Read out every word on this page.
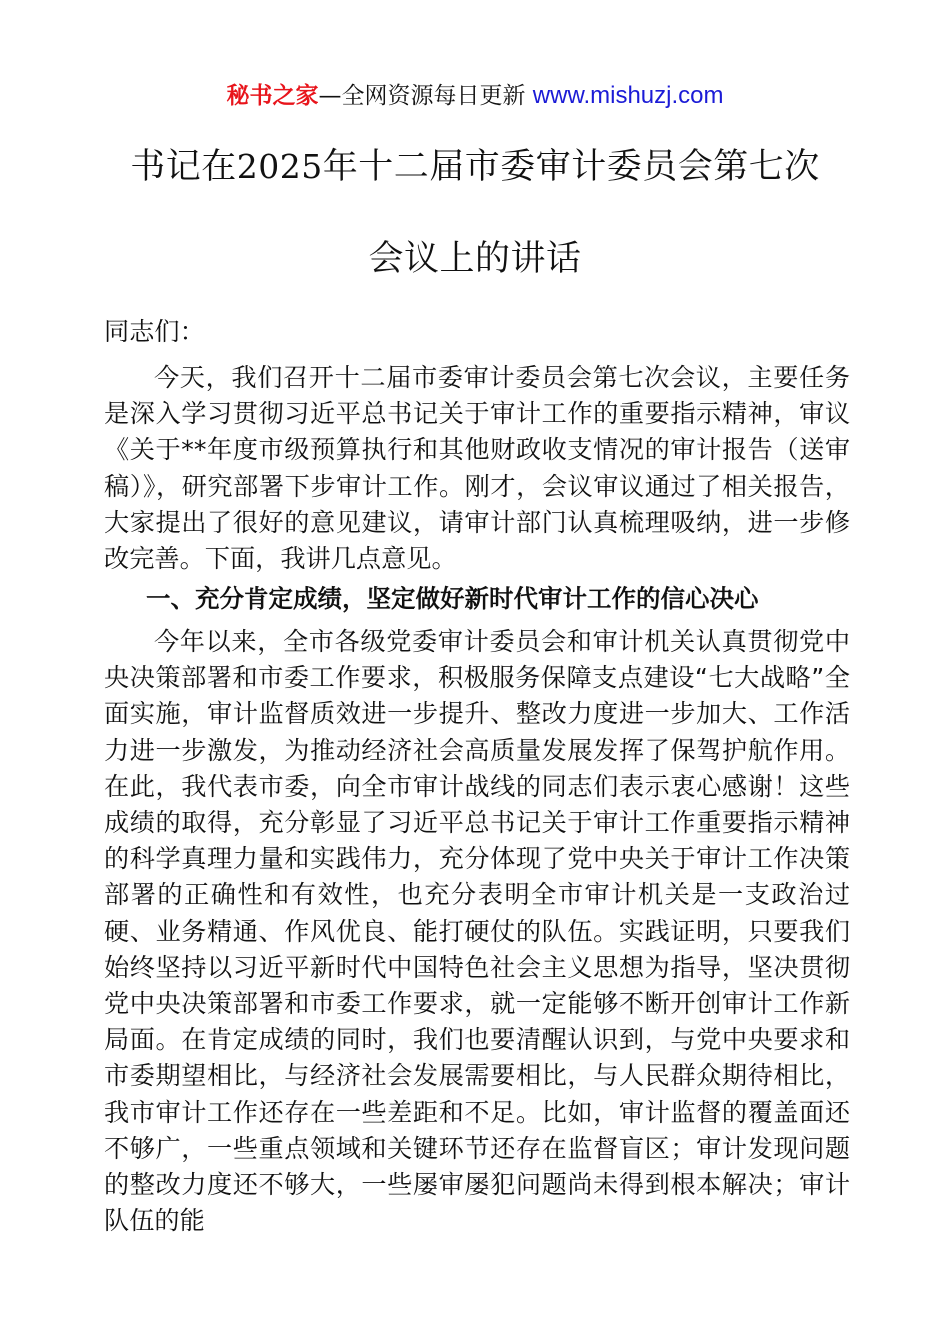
秘书之家—全网资源每日更新 www.mishuzj.com
书记在2025年十二届市委审计委员会第七次
会议上的讲话
同志们：
今天，我们召开十二届市委审计委员会第七次会议，主要任务是深入学习贯彻习近平总书记关于审计工作的重要指示精神，审议《关于**年度市级预算执行和其他财政收支情况的审计报告（送审稿）》，研究部署下步审计工作。刚才，会议审议通过了相关报告，大家提出了很好的意见建议，请审计部门认真梳理吸纳，进一步修改完善。下面，我讲几点意见。
一、充分肯定成绩，坚定做好新时代审计工作的信心决心
今年以来，全市各级党委审计委员会和审计机关认真贯彻党中央决策部署和市委工作要求，积极服务保障支点建设“七大战略”全面实施，审计监督质效进一步提升、整改力度进一步加大、工作活力进一步激发，为推动经济社会高质量发展发挥了保驾护航作用。在此，我代表市委，向全市审计战线的同志们表示衷心感谢！这些成绩的取得，充分彰显了习近平总书记关于审计工作重要指示精神的科学真理力量和实践伟力，充分体现了党中央关于审计工作决策部署的正确性和有效性，也充分表明全市审计机关是一支政治过硬、业务精通、作风优良、能打硬仗的队伍。实践证明，只要我们始终坚持以习近平新时代中国特色社会主义思想为指导，坚决贯彻党中央决策部署和市委工作要求，就一定能够不断开创审计工作新局面。在肯定成绩的同时，我们也要清醒认识到，与党中央要求和市委期望相比，与经济社会发展需要相比，与人民群众期待相比，我市审计工作还存在一些差距和不足。比如，审计监督的覆盖面还不够广，一些重点领域和关键环节还存在监督盲区；审计发现问题的整改力度还不够大，一些屡审屡犯问题尚未得到根本解决；审计队伍的能
